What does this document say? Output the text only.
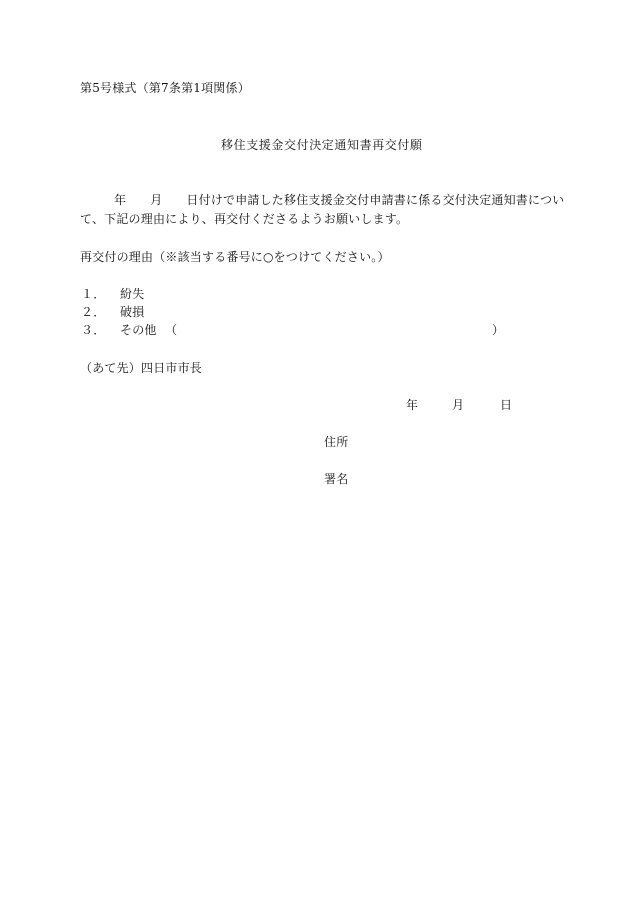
第5号様式（第7条第1項関係）
移住支援金交付決定通知書再交付願
年 月 日付けで申請した移住支援金交付申請書に係る交付決定通知書につい
て、下記の理由により、再交付くださるようお願いします。
再交付の理由（※該当する番号に○をつけてください。）
１． 紛失
２． 破損
３． その他 （	）
（あて先）四日市市長
年	月	日
住所
署名
